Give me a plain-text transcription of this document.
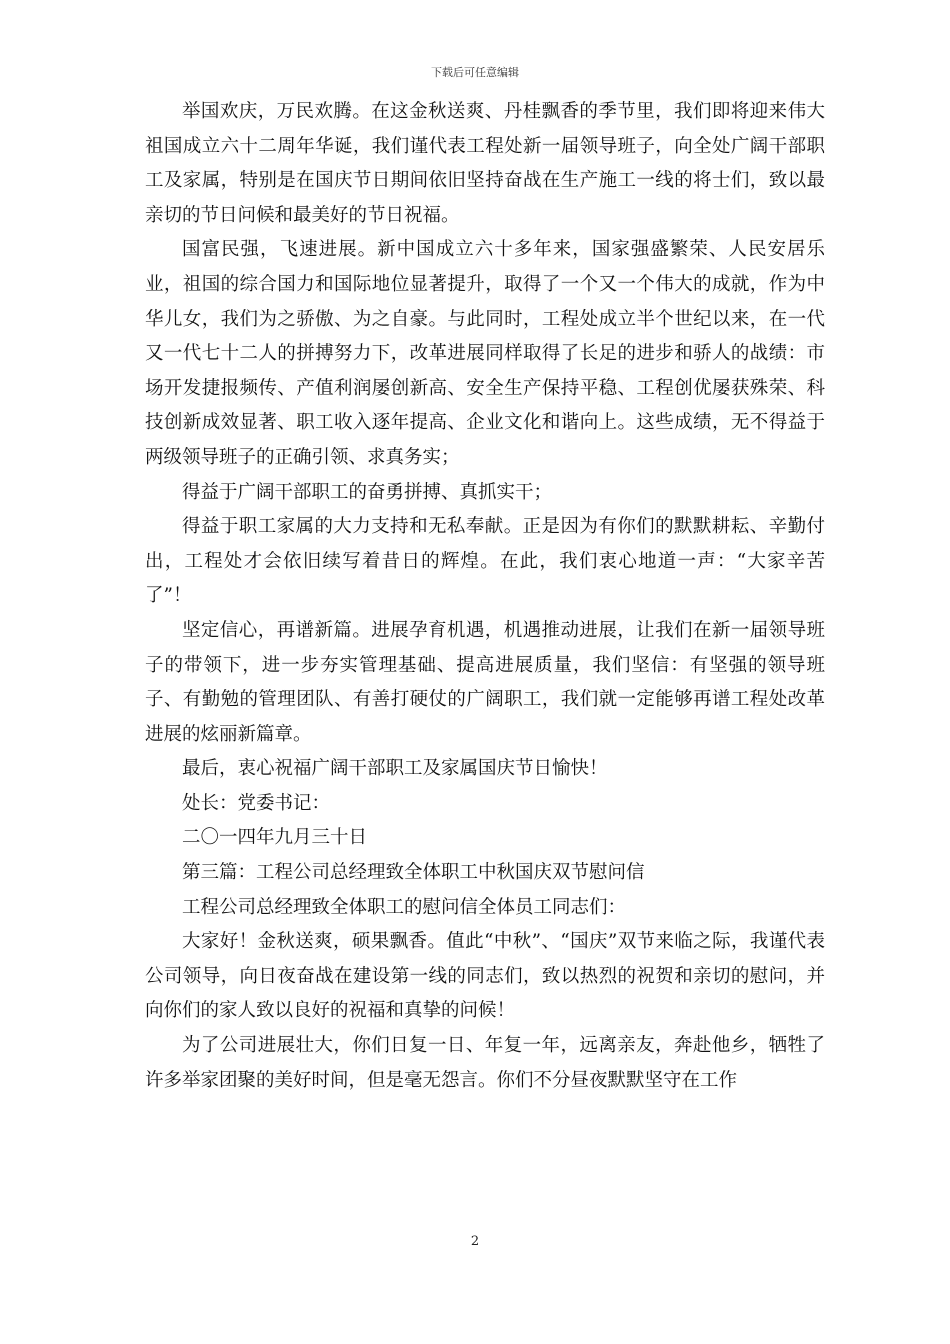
下载后可任意编辑

举国欢庆，万民欢腾。在这金秋送爽、丹桂飘香的季节里，我们即将迎来伟大祖国成立六十二周年华诞，我们谨代表工程处新一届领导班子，向全处广阔干部职工及家属，特别是在国庆节日期间依旧坚持奋战在生产施工一线的将士们，致以最亲切的节日问候和最美好的节日祝福。

国富民强，飞速进展。新中国成立六十多年来，国家强盛繁荣、人民安居乐业，祖国的综合国力和国际地位显著提升，取得了一个又一个伟大的成就，作为中华儿女，我们为之骄傲、为之自豪。与此同时，工程处成立半个世纪以来，在一代又一代七十二人的拼搏努力下，改革进展同样取得了长足的进步和骄人的战绩：市场开发捷报频传、产值利润屡创新高、安全生产保持平稳、工程创优屡获殊荣、科技创新成效显著、职工收入逐年提高、企业文化和谐向上。这些成绩，无不得益于两级领导班子的正确引领、求真务实；

得益于广阔干部职工的奋勇拼搏、真抓实干；

得益于职工家属的大力支持和无私奉献。正是因为有你们的默默耕耘、辛勤付出，工程处才会依旧续写着昔日的辉煌。在此，我们衷心地道一声：“大家辛苦了”！

坚定信心，再谱新篇。进展孕育机遇，机遇推动进展，让我们在新一届领导班子的带领下，进一步夯实管理基础、提高进展质量，我们坚信：有坚强的领导班子、有勤勉的管理团队、有善打硬仗的广阔职工，我们就一定能够再谱工程处改革进展的炫丽新篇章。

最后，衷心祝福广阔干部职工及家属国庆节日愉快！

处长：党委书记：

二〇一四年九月三十日

第三篇：工程公司总经理致全体职工中秋国庆双节慰问信

工程公司总经理致全体职工的慰问信全体员工同志们：

大家好！金秋送爽，硕果飘香。值此“中秋”、“国庆”双节来临之际，我谨代表公司领导，向日夜奋战在建设第一线的同志们，致以热烈的祝贺和亲切的慰问，并向你们的家人致以良好的祝福和真挚的问候！

为了公司进展壮大，你们日复一日、年复一年，远离亲友，奔赴他乡，牺牲了许多举家团聚的美好时间，但是毫无怨言。你们不分昼夜默默坚守在工作

2
